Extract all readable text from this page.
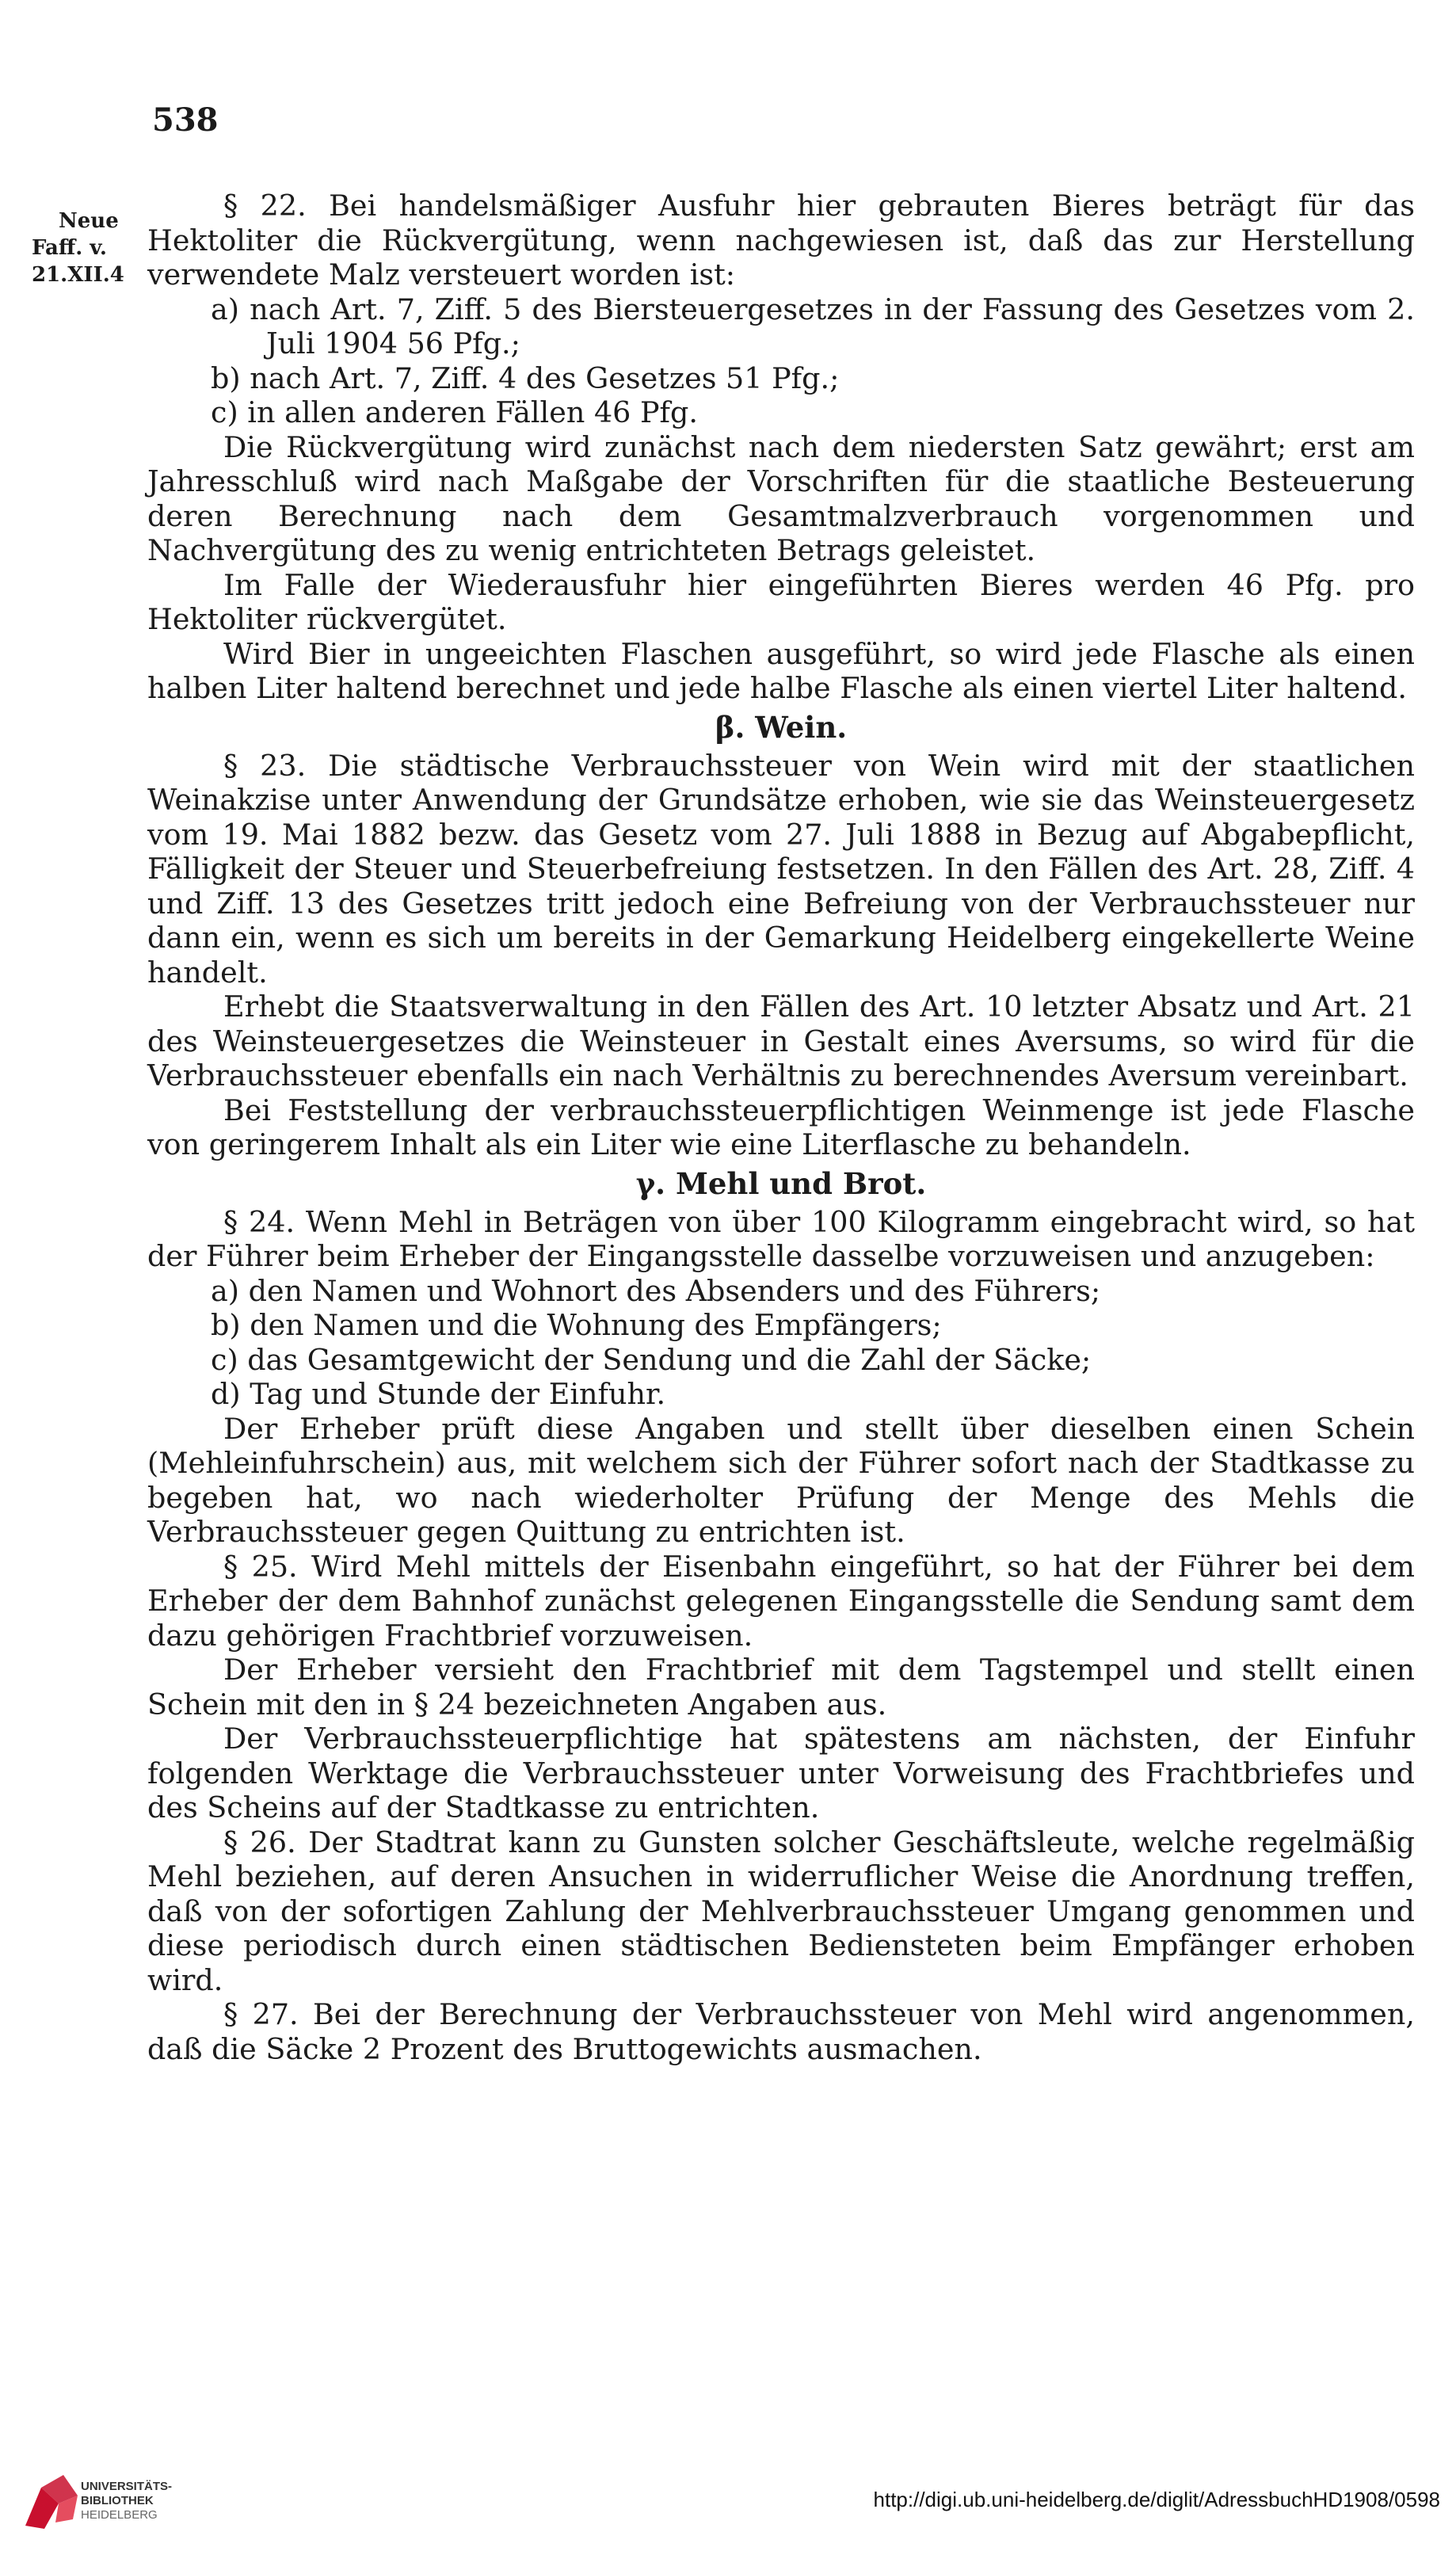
538
Neue
Faff. v.
21.XII.4

§ 22. Bei handelsmäßiger Ausfuhr hier gebrauten Bieres beträgt für das Hektoliter die Rückvergütung, wenn nachgewiesen ist, daß das zur Herstellung verwendete Malz versteuert worden ist:

a) nach Art. 7, Ziff. 5 des Biersteuergesetzes in der Fassung des Gesetzes vom 2. Juli 1904 56 Pfg.;

b) nach Art. 7, Ziff. 4 des Gesetzes 51 Pfg.;

c) in allen anderen Fällen 46 Pfg.

Die Rückvergütung wird zunächst nach dem niedersten Satz gewährt; erst am Jahresschluß wird nach Maßgabe der Vorschriften für die staatliche Besteuerung deren Berechnung nach dem Gesamtmalzverbrauch vorgenommen und Nachvergütung des zu wenig entrichteten Betrags geleistet.

Im Falle der Wiederausfuhr hier eingeführten Bieres werden 46 Pfg. pro Hektoliter rückvergütet.

Wird Bier in ungeeichten Flaschen ausgeführt, so wird jede Flasche als einen halben Liter haltend berechnet und jede halbe Flasche als einen viertel Liter haltend.

β. Wein.

§ 23. Die städtische Verbrauchssteuer von Wein wird mit der staatlichen Weinakzise unter Anwendung der Grundsätze erhoben, wie sie das Weinsteuergesetz vom 19. Mai 1882 bezw. das Gesetz vom 27. Juli 1888 in Bezug auf Abgabepflicht, Fälligkeit der Steuer und Steuerbefreiung festsetzen. In den Fällen des Art. 28, Ziff. 4 und Ziff. 13 des Gesetzes tritt jedoch eine Befreiung von der Verbrauchssteuer nur dann ein, wenn es sich um bereits in der Gemarkung Heidelberg eingekellerte Weine handelt.

Erhebt die Staatsverwaltung in den Fällen des Art. 10 letzter Absatz und Art. 21 des Weinsteuergesetzes die Weinsteuer in Gestalt eines Aversums, so wird für die Verbrauchssteuer ebenfalls ein nach Verhältnis zu berechnendes Aversum vereinbart.

Bei Feststellung der verbrauchssteuerpflichtigen Weinmenge ist jede Flasche von geringerem Inhalt als ein Liter wie eine Literflasche zu behandeln.

γ. Mehl und Brot.

§ 24. Wenn Mehl in Beträgen von über 100 Kilogramm eingebracht wird, so hat der Führer beim Erheber der Eingangsstelle dasselbe vorzuweisen und anzugeben:

a) den Namen und Wohnort des Absenders und des Führers;

b) den Namen und die Wohnung des Empfängers;

c) das Gesamtgewicht der Sendung und die Zahl der Säcke;

d) Tag und Stunde der Einfuhr.

Der Erheber prüft diese Angaben und stellt über dieselben einen Schein (Mehleinfuhrschein) aus, mit welchem sich der Führer sofort nach der Stadtkasse zu begeben hat, wo nach wiederholter Prüfung der Menge des Mehls die Verbrauchssteuer gegen Quittung zu entrichten ist.

§ 25. Wird Mehl mittels der Eisenbahn eingeführt, so hat der Führer bei dem Erheber der dem Bahnhof zunächst gelegenen Eingangsstelle die Sendung samt dem dazu gehörigen Frachtbrief vorzuweisen.

Der Erheber versieht den Frachtbrief mit dem Tagstempel und stellt einen Schein mit den in § 24 bezeichneten Angaben aus.

Der Verbrauchssteuerpflichtige hat spätestens am nächsten, der Einfuhr folgenden Werktage die Verbrauchssteuer unter Vorweisung des Frachtbriefes und des Scheins auf der Stadtkasse zu entrichten.

§ 26. Der Stadtrat kann zu Gunsten solcher Geschäftsleute, welche regelmäßig Mehl beziehen, auf deren Ansuchen in widerruflicher Weise die Anordnung treffen, daß von der sofortigen Zahlung der Mehlverbrauchssteuer Umgang genommen und diese periodisch durch einen städtischen Bediensteten beim Empfänger erhoben wird.

§ 27. Bei der Berechnung der Verbrauchssteuer von Mehl wird angenommen, daß die Säcke 2 Prozent des Bruttogewichts ausmachen.

UNIVERSITÄTS-
BIBLIOTHEK
HEIDELBERG
http://digi.ub.uni-heidelberg.de/diglit/AdressbuchHD1908/0598
